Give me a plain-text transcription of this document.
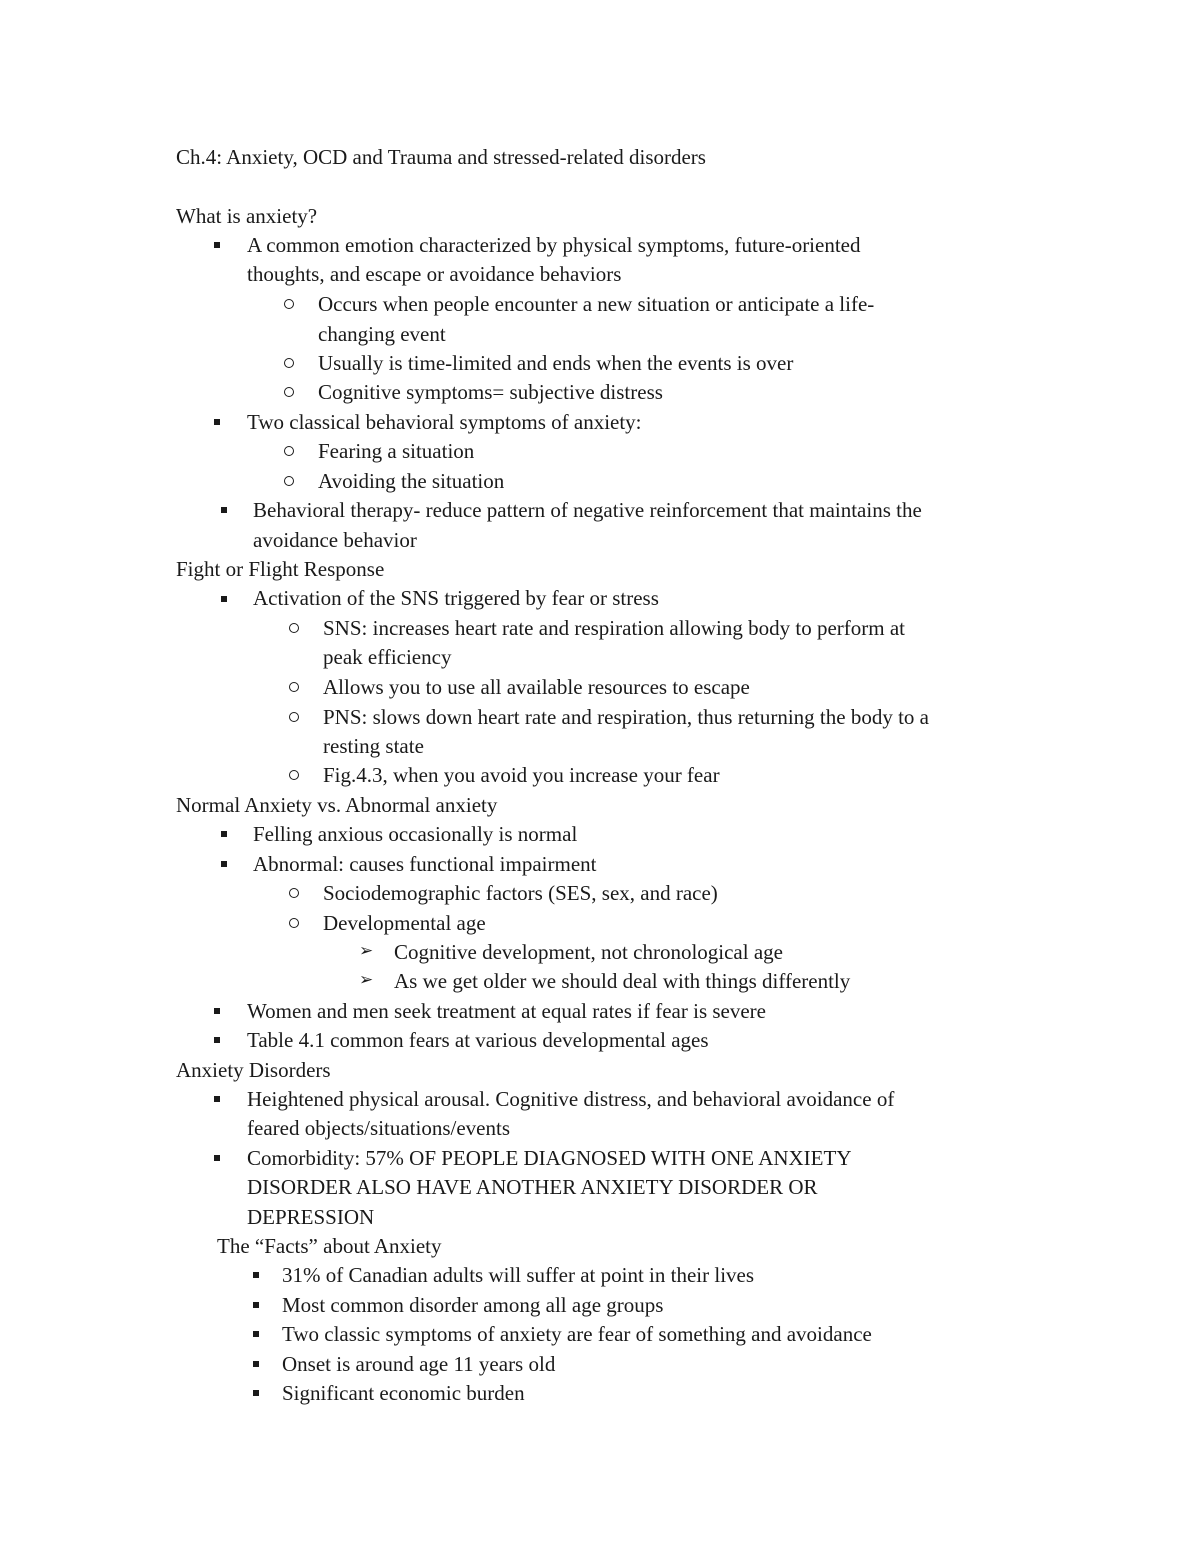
Ch.4: Anxiety, OCD and Trauma and stressed-related disorders
What is anxiety?
A common emotion characterized by physical symptoms, future-oriented
thoughts, and escape or avoidance behaviors
Occurs when people encounter a new situation or anticipate a life-
changing event
Usually is time-limited and ends when the events is over
Cognitive symptoms= subjective distress
Two classical behavioral symptoms of anxiety:
Fearing a situation
Avoiding the situation
Behavioral therapy- reduce pattern of negative reinforcement that maintains the
avoidance behavior
Fight or Flight Response
Activation of the SNS triggered by fear or stress
SNS: increases heart rate and respiration allowing body to perform at
peak efficiency
Allows you to use all available resources to escape
PNS: slows down heart rate and respiration, thus returning the body to a
resting state
Fig.4.3, when you avoid you increase your fear
Normal Anxiety vs. Abnormal anxiety
Felling anxious occasionally is normal
Abnormal: causes functional impairment
Sociodemographic factors (SES, sex, and race)
Developmental age
➢ Cognitive development, not chronological age
➢ As we get older we should deal with things differently
Women and men seek treatment at equal rates if fear is severe
Table 4.1 common fears at various developmental ages
Anxiety Disorders
Heightened physical arousal. Cognitive distress, and behavioral avoidance of
feared objects/situations/events
Comorbidity: 57% OF PEOPLE DIAGNOSED WITH ONE ANXIETY
DISORDER ALSO HAVE ANOTHER ANXIETY DISORDER OR
DEPRESSION
The “Facts” about Anxiety
31% of Canadian adults will suffer at point in their lives
Most common disorder among all age groups
Two classic symptoms of anxiety are fear of something and avoidance
Onset is around age 11 years old
Significant economic burden
